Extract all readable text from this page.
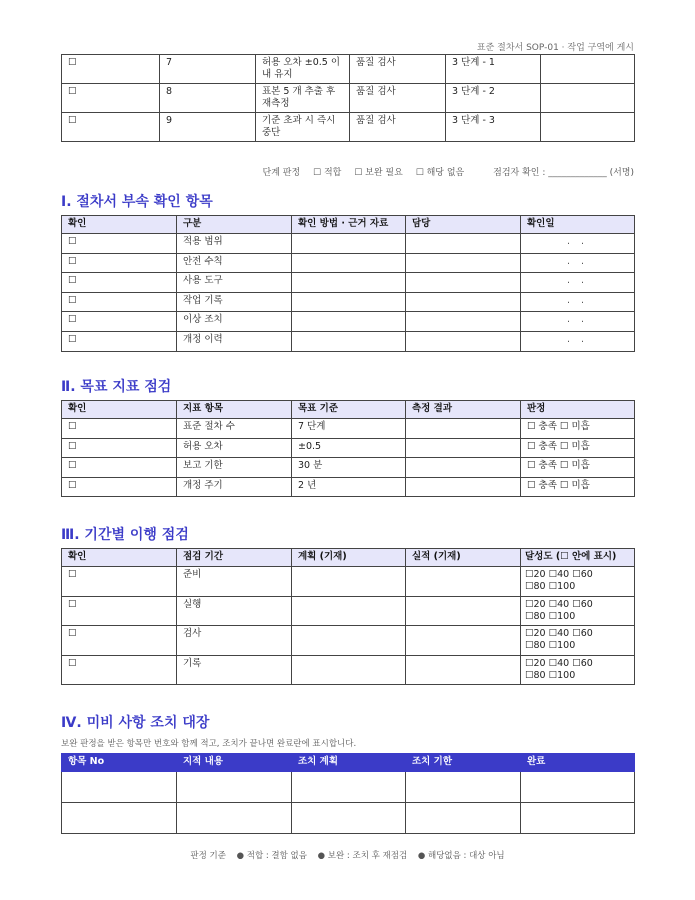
표준 절차서 SOP-01 · 작업 구역에 게시
☐	7	허용 오차 ±0.5 이내 유지	품질 검사	3 단계 - 1	
☐	8	표본 5 개 추출 후 재측정	품질 검사	3 단계 - 2	
☐	9	기준 초과 시 즉시 중단	품질 검사	3 단계 - 3	
단계 판정 ☐ 적합 ☐ 보완 필요 ☐ 해당 없음	점검자 확인 : _____________ (서명)
Ⅰ. 절차서 부속 확인 항목
확인	구분	확인 방법 · 근거 자료	담당	확인일
☐	적용 범위			. .
☐	안전 수칙			. .
☐	사용 도구			. .
☐	작업 기록			. .
☐	이상 조치			. .
☐	개정 이력			. .
Ⅱ. 목표 지표 점검
확인	지표 항목	목표 기준	측정 결과	판정
☐	표준 절차 수	7 단계		☐ 충족 ☐ 미흡
☐	허용 오차	±0.5		☐ 충족 ☐ 미흡
☐	보고 기한	30 분		☐ 충족 ☐ 미흡
☐	개정 주기	2 년		☐ 충족 ☐ 미흡
Ⅲ. 기간별 이행 점검
확인	점검 기간	계획 (기재)	실적 (기재)	달성도 (☐ 안에 표시)
☐	준비			☐20 ☐40 ☐60
☐80 ☐100

☐	실행			☐20 ☐40 ☐60
☐80 ☐100

☐	검사			☐20 ☐40 ☐60
☐80 ☐100

☐	기록			☐20 ☐40 ☐60
☐80 ☐100
Ⅳ. 미비 사항 조치 대장
보완 판정을 받은 항목만 번호와 함께 적고, 조치가 끝나면 완료란에 표시합니다.
항목 No	지적 내용	조치 계획	조치 기한	완료

판정 기준 ● 적합 : 결함 없음 ● 보완 : 조치 후 재점검 ● 해당없음 : 대상 아님
